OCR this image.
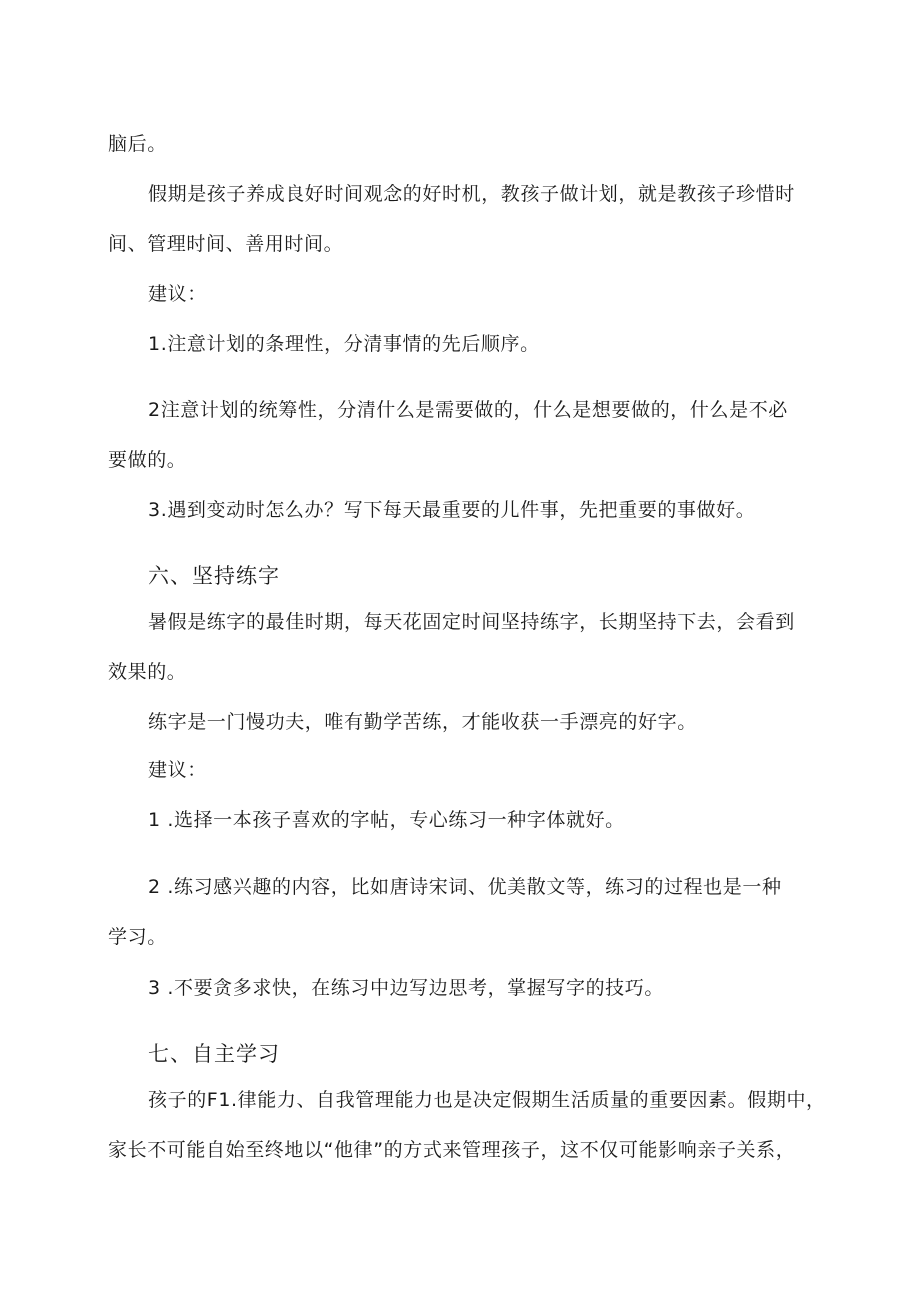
脑后。
假期是孩子养成良好时间观念的好时机，教孩子做计划，就是教孩子珍惜时
间、管理时间、善用时间。
建议：
1.注意计划的条理性，分清事情的先后顺序。
2注意计划的统筹性，分清什么是需要做的，什么是想要做的，什么是不必
要做的。
3.遇到变动时怎么办？写下每天最重要的儿件事，先把重要的事做好。
六、坚持练字
暑假是练字的最佳时期，每天花固定时间坚持练字，长期坚持下去，会看到
效果的。
练字是一门慢功夫，唯有勤学苦练，才能收获一手漂亮的好字。
建议：
1 .选择一本孩子喜欢的字帖，专心练习一种字体就好。
2 .练习感兴趣的内容，比如唐诗宋词、优美散文等，练习的过程也是一种
学习。
3 .不要贪多求快，在练习中边写边思考，掌握写字的技巧。
七、自主学习
孩子的F1.律能力、自我管理能力也是决定假期生活质量的重要因素。假期中，
家长不可能自始至终地以“他律”的方式来管理孩子，这不仅可能影响亲子关系，
